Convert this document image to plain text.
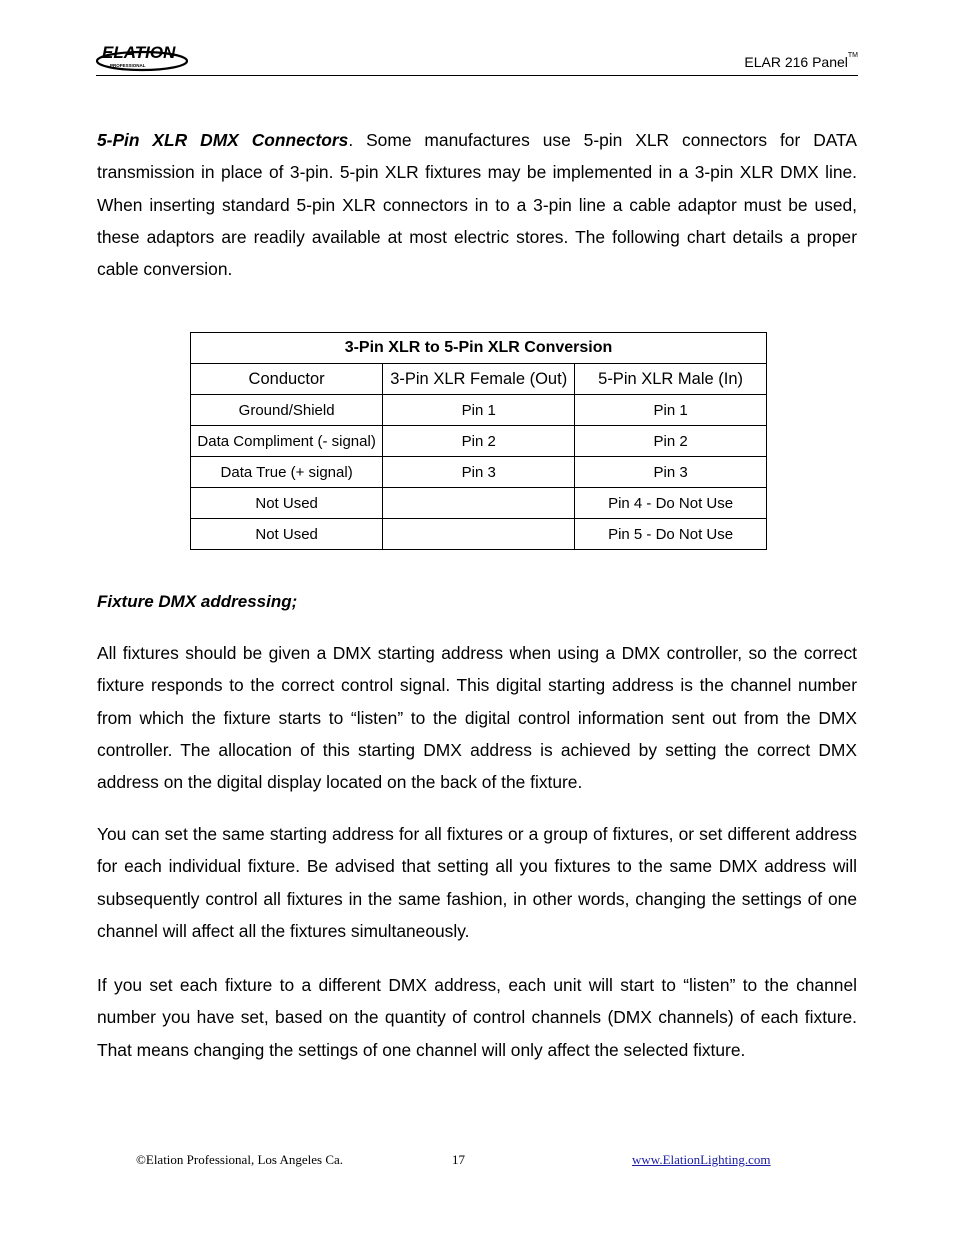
ELATION
PROFESSIONAL	ELAR 216 Panel™

5-Pin XLR DMX Connectors. Some manufactures use 5-pin XLR connectors for DATA transmission in place of 3-pin. 5-pin XLR fixtures may be implemented in a 3-pin XLR DMX line. When inserting standard 5-pin XLR connectors in to a 3-pin line a cable adaptor must be used, these adaptors are readily available at most electric stores. The following chart details a proper cable conversion.

3-Pin XLR to 5-Pin XLR Conversion		
Conductor	3-Pin XLR Female (Out)	5-Pin XLR Male (In)
Ground/Shield	Pin 1	Pin 1
Data Compliment (- signal)	Pin 2	Pin 2
Data True (+ signal)	Pin 3	Pin 3
Not Used		Pin 4 - Do Not Use
Not Used		Pin 5 - Do Not Use
Fixture DMX addressing;

All fixtures should be given a DMX starting address when using a DMX controller, so the correct fixture responds to the correct control signal. This digital starting address is the channel number from which the fixture starts to “listen” to the digital control information sent out from the DMX controller. The allocation of this starting DMX address is achieved by setting the correct DMX address on the digital display located on the back of the fixture.

You can set the same starting address for all fixtures or a group of fixtures, or set different address for each individual fixture. Be advised that setting all you fixtures to the same DMX address will subsequently control all fixtures in the same fashion, in other words, changing the settings of one channel will affect all the fixtures simultaneously.

If you set each fixture to a different DMX address, each unit will start to “listen” to the channel number you have set, based on the quantity of control channels (DMX channels) of each fixture. That means changing the settings of one channel will only affect the selected fixture.

©Elation Professional, Los Angeles Ca.	17	www.ElationLighting.com
